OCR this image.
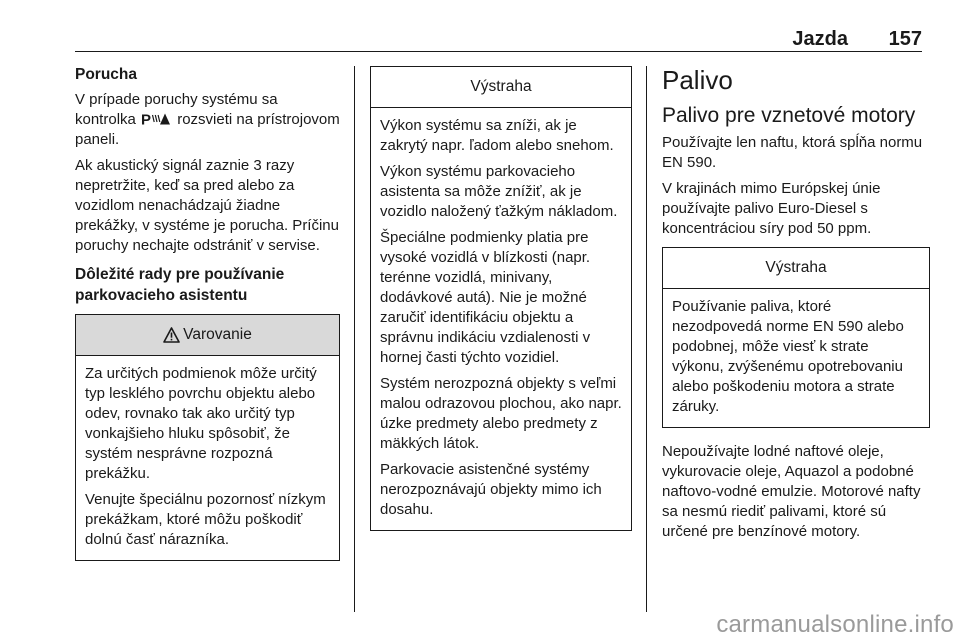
Jazda 157
Porucha

V prípade poruchy systému sa kontrolka P rozsvieti na prístrojovom paneli.

Ak akustický signál zaznie 3 razy nepretržite, keď sa pred alebo za vozidlom nenachádzajú žiadne prekážky, v systéme je porucha. Príčinu poruchy nechajte odstrániť v servise.

Dôležité rady pre používanie parkovacieho asistentu
Varovanie

Za určitých podmienok môže určitý typ lesklého povrchu objektu alebo odev, rovnako tak ako určitý typ vonkajšieho hluku spôsobiť, že systém nesprávne rozpozná prekážku.

Venujte špeciálnu pozornosť nízkym prekážkam, ktoré môžu poškodiť dolnú časť nárazníka.

Výstraha

Výkon systému sa zníži, ak je zakrytý napr. ľadom alebo snehom.

Výkon systému parkovacieho asistenta sa môže znížiť, ak je vozidlo naložený ťažkým nákladom.

Špeciálne podmienky platia pre vysoké vozidlá v blízkosti (napr. terénne vozidlá, minivany, dodávkové autá). Nie je možné zaručiť identifikáciu objektu a správnu indikáciu vzdialenosti v hornej časti týchto vozidiel.

Systém nerozpozná objekty s veľmi malou odrazovou plochou, ako napr. úzke predmety alebo predmety z mäkkých látok.

Parkovacie asistenčné systémy nerozpoznávajú objekty mimo ich dosahu.

Palivo
Palivo pre vznetové motory

Používajte len naftu, ktorá spĺňa normu EN 590.

V krajinách mimo Európskej únie používajte palivo Euro-Diesel s koncentráciou síry pod 50 ppm.

Výstraha

Používanie paliva, ktoré nezodpovedá norme EN 590 alebo podobnej, môže viesť k strate výkonu, zvýšenému opotrebovaniu alebo poškodeniu motora a strate záruky.

Nepoužívajte lodné naftové oleje, vykurovacie oleje, Aquazol a podobné naftovo-vodné emulzie. Motorové nafty sa nesmú riediť palivami, ktoré sú určené pre benzínové motory.

carmanualsonline.info
